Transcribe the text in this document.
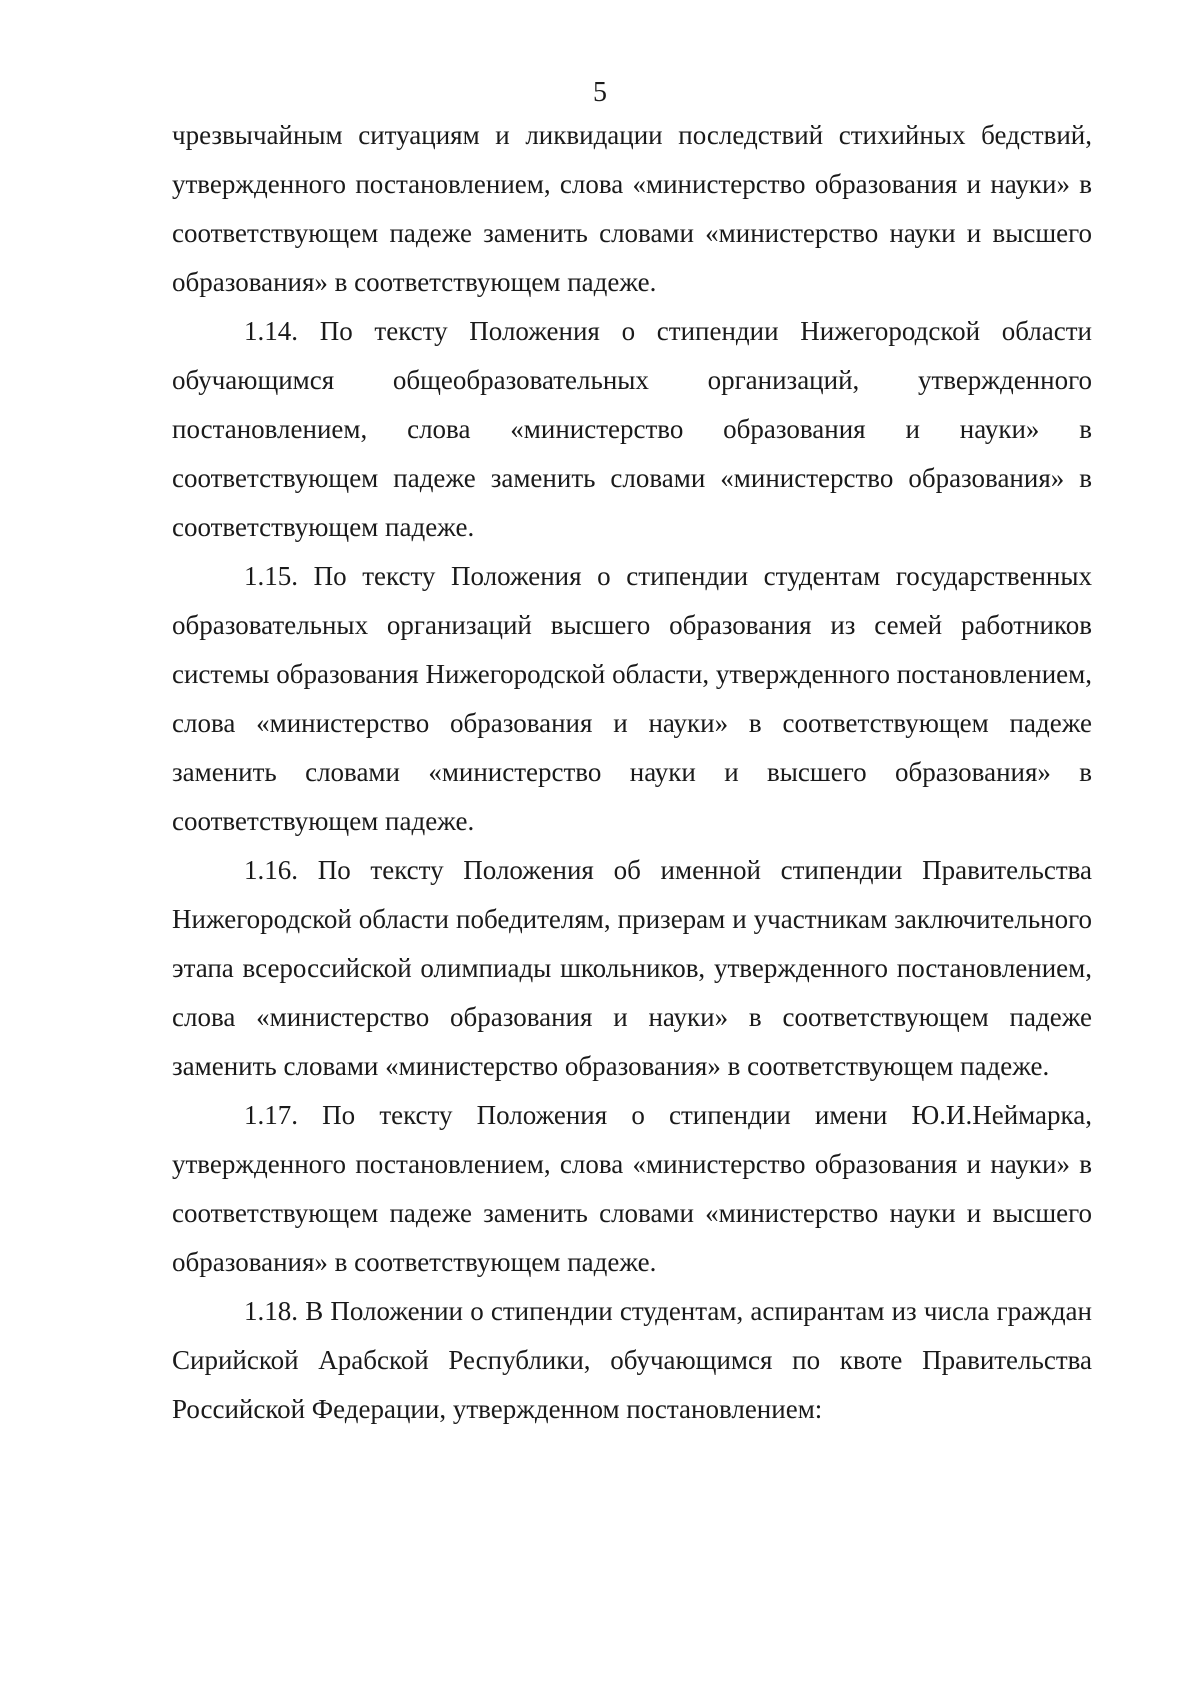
5

чрезвычайным ситуациям и ликвидации последствий стихийных бедствий, утвержденного постановлением, слова «министерство образования и науки» в соответствующем падеже заменить словами «министерство науки и высшего образования» в соответствующем падеже.

1.14. По тексту Положения о стипендии Нижегородской области обучающимся общеобразовательных организаций, утвержденного постановлением, слова «министерство образования и науки» в соответствующем падеже заменить словами «министерство образования» в соответствующем падеже.

1.15. По тексту Положения о стипендии студентам государственных образовательных организаций высшего образования из семей работников системы образования Нижегородской области, утвержденного постановлением, слова «министерство образования и науки» в соответствующем падеже заменить словами «министерство науки и высшего образования» в соответствующем падеже.

1.16. По тексту Положения об именной стипендии Правительства Нижегородской области победителям, призерам и участникам заключительного этапа всероссийской олимпиады школьников, утвержденного постановлением, слова «министерство образования и науки» в соответствующем падеже заменить словами «министерство образования» в соответствующем падеже.

1.17. По тексту Положения о стипендии имени Ю.И.Неймарка, утвержденного постановлением, слова «министерство образования и науки» в соответствующем падеже заменить словами «министерство науки и высшего образования» в соответствующем падеже.

1.18. В Положении о стипендии студентам, аспирантам из числа граждан Сирийской Арабской Республики, обучающимся по квоте Правительства Российской Федерации, утвержденном постановлением:
